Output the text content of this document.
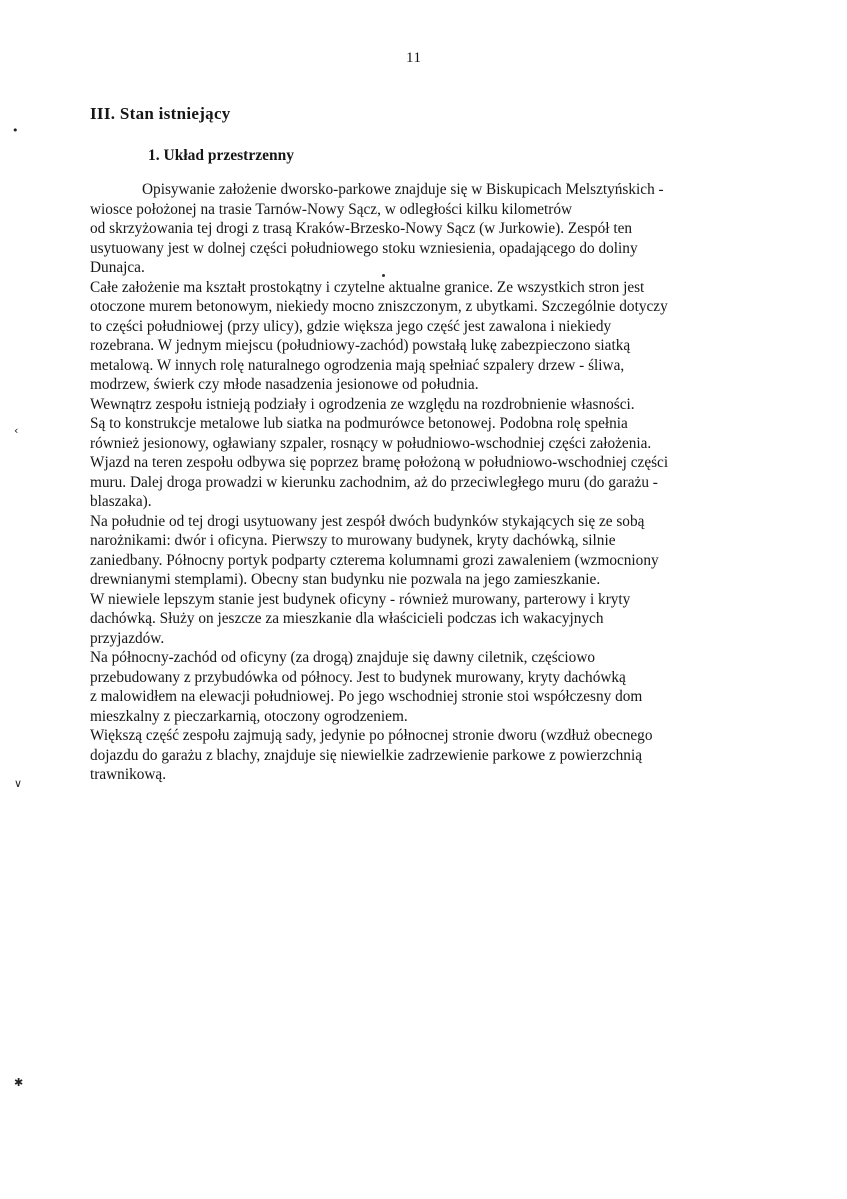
11
III. Stan istniejący
1. Układ przestrzenny
Opisywanie założenie dworsko-parkowe znajduje się w Biskupicach Melsztyńskich -
wiosce położonej na trasie Tarnów-Nowy Sącz, w odległości kilku kilometrów
od skrzyżowania tej drogi z trasą Kraków-Brzesko-Nowy Sącz (w Jurkowie). Zespół ten
usytuowany jest w dolnej części południowego stoku wzniesienia, opadającego do doliny
Dunajca.
Całe założenie ma kształt prostokątny i czytelne aktualne granice. Ze wszystkich stron jest
otoczone murem betonowym, niekiedy mocno zniszczonym, z ubytkami. Szczególnie dotyczy
to części południowej (przy ulicy), gdzie większa jego część jest zawalona i niekiedy
rozebrana. W jednym miejscu (południowy-zachód) powstałą lukę zabezpieczono siatką
metalową. W innych rolę naturalnego ogrodzenia mają spełniać szpalery drzew - śliwa,
modrzew, świerk czy młode nasadzenia jesionowe od południa.
Wewnątrz zespołu istnieją podziały i ogrodzenia ze względu na rozdrobnienie własności.
Są to konstrukcje metalowe lub siatka na podmurówce betonowej. Podobna rolę spełnia
również jesionowy, ogławiany szpaler, rosnący w południowo-wschodniej części założenia.
Wjazd na teren zespołu odbywa się poprzez bramę położoną w południowo-wschodniej części
muru. Dalej droga prowadzi w kierunku zachodnim, aż do przeciwległego muru (do garażu -
blaszaka).
Na południe od tej drogi usytuowany jest zespół dwóch budynków stykających się ze sobą
narożnikami: dwór i oficyna. Pierwszy to murowany budynek, kryty dachówką, silnie
zaniedbany. Północny portyk podparty czterema kolumnami grozi zawaleniem (wzmocniony
drewnianymi stemplami). Obecny stan budynku nie pozwala na jego zamieszkanie.
W niewiele lepszym stanie jest budynek oficyny - również murowany, parterowy i kryty
dachówką. Służy on jeszcze za mieszkanie dla właścicieli podczas ich wakacyjnych
przyjazdów.
Na północny-zachód od oficyny (za drogą) znajduje się dawny ciletnik, częściowo
przebudowany z przybudówka od północy. Jest to budynek murowany, kryty dachówką
z malowidłem na elewacji południowej. Po jego wschodniej stronie stoi współczesny dom
mieszkalny z pieczarkarnią, otoczony ogrodzeniem.
Większą część zespołu zajmują sady, jedynie po północnej stronie dworu (wzdłuż obecnego
dojazdu do garażu z blachy, znajduje się niewielkie zadrzewienie parkowe z powierzchnią
trawnikową.
•
‹
∨
✱
